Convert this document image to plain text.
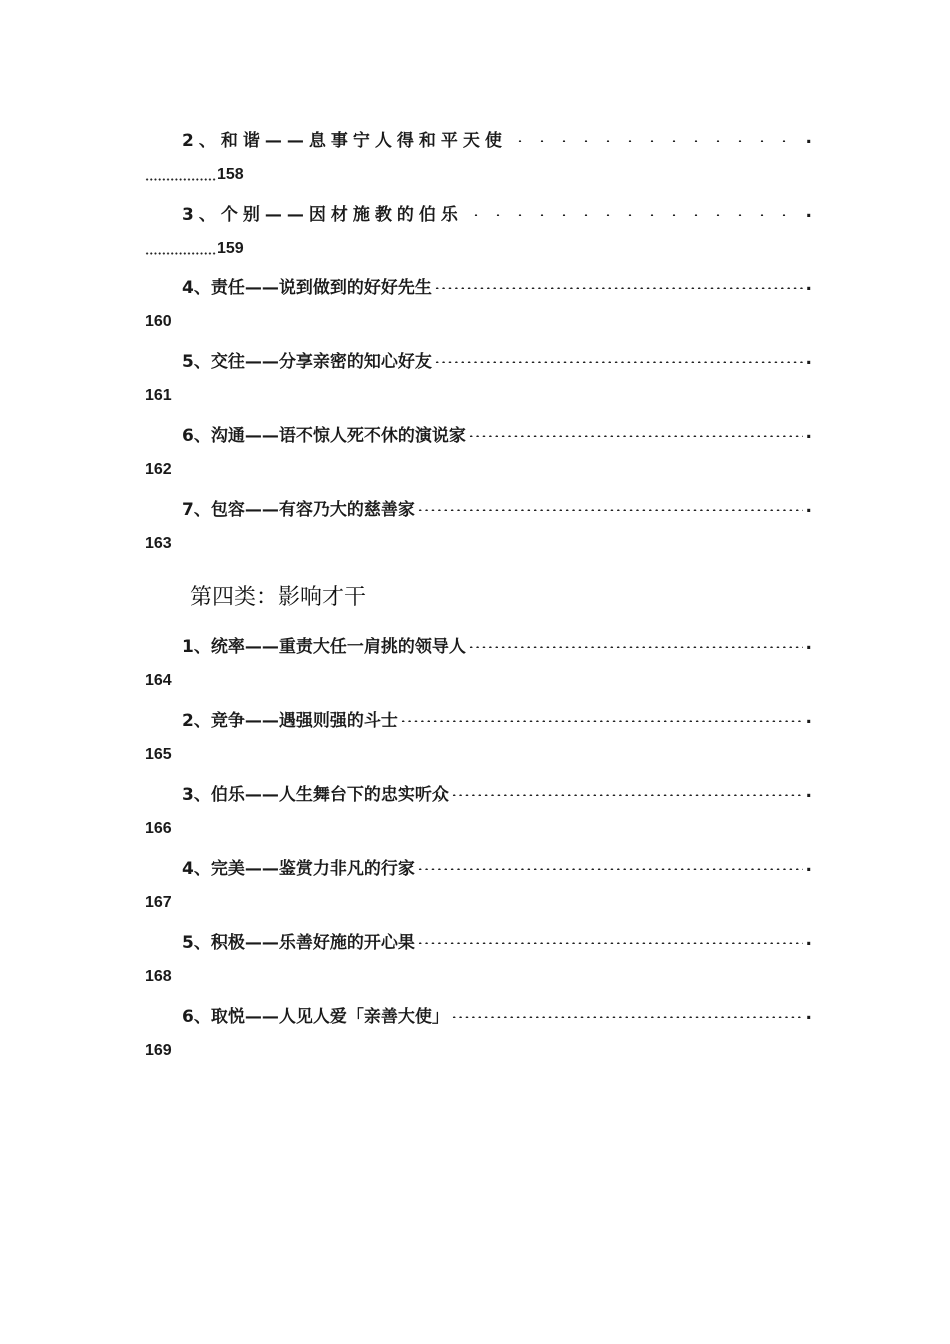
2、和谐——息事宁人得和平天使	.
158
3、个别——因材施教的伯乐	.
159
4、责任——说到做到的好好先生	.
160
5、交往——分享亲密的知心好友	.
161
6、沟通——语不惊人死不休的演说家	.
162
7、包容——有容乃大的慈善家	.
163
第四类：影响才干
1、统率——重责大任一肩挑的领导人	.
164
2、竞争——遇强则强的斗士	.
165
3、伯乐——人生舞台下的忠实听众	.
166
4、完美——鉴赏力非凡的行家	.
167
5、积极——乐善好施的开心果	.
168
6、取悦——人见人爱「亲善大使」	.
169
